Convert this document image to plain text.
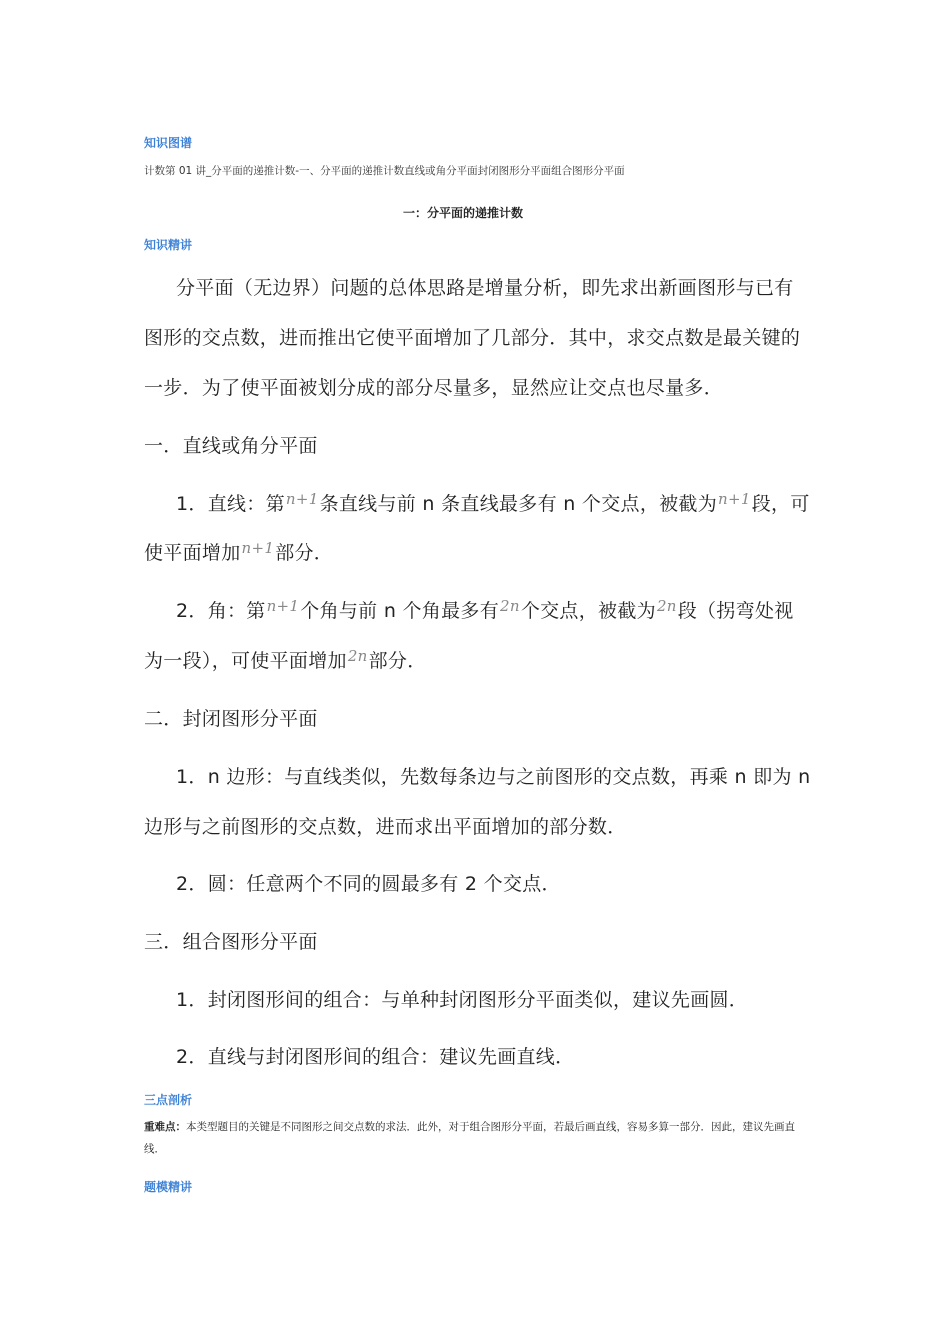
知识图谱
计数第 01 讲_分平面的递推计数-一、分平面的递推计数直线或角分平面封闭图形分平面组合图形分平面
一：分平面的递推计数
知识精讲
分平面（无边界）问题的总体思路是增量分析，即先求出新画图形与已有
图形的交点数，进而推出它使平面增加了几部分．其中，求交点数是最关键的
一步．为了使平面被划分成的部分尽量多，显然应让交点也尽量多．
一．直线或角分平面
1．直线：第$^{n+1}$条直线与前 n 条直线最多有 n 个交点，被截为$^{n+1}$段，可
使平面增加$^{n+1}$部分．
2．角：第$^{n+1}$个角与前 n 个角最多有$^{2n}$个交点，被截为$^{2n}$段（拐弯处视
为一段），可使平面增加$^{2n}$部分．
二．封闭图形分平面
1．n 边形：与直线类似，先数每条边与之前图形的交点数，再乘 n 即为 n
边形与之前图形的交点数，进而求出平面增加的部分数．
2．圆：任意两个不同的圆最多有 2 个交点．
三．组合图形分平面
1．封闭图形间的组合：与单种封闭图形分平面类似，建议先画圆．
2．直线与封闭图形间的组合：建议先画直线．
三点剖析
重难点：本类型题目的关键是不同图形之间交点数的求法．此外，对于组合图形分平面，若最后画直线，容易多算一部分．因此，建议先画直线．
题模精讲
